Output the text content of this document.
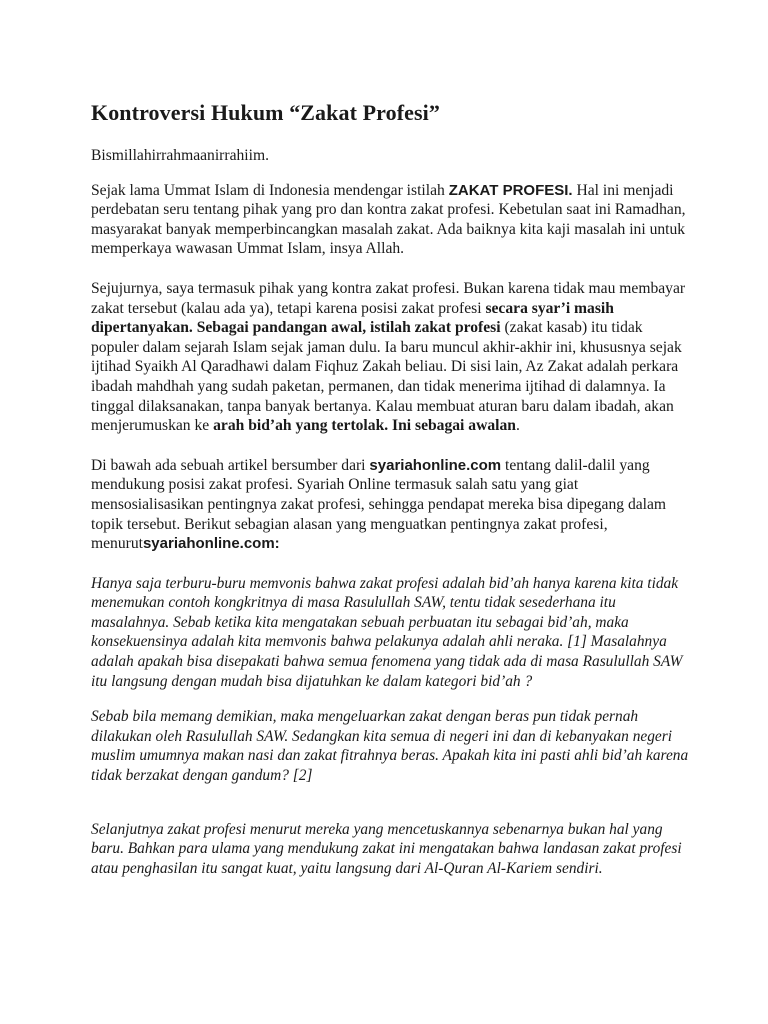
Kontroversi Hukum “Zakat Profesi”

Bismillahirrahmaanirrahiim.

Sejak lama Ummat Islam di Indonesia mendengar istilah ZAKAT PROFESI. Hal ini menjadi perdebatan seru tentang pihak yang pro dan kontra zakat profesi. Kebetulan saat ini Ramadhan, masyarakat banyak memperbincangkan masalah zakat. Ada baiknya kita kaji masalah ini untuk memperkaya wawasan Ummat Islam, insya Allah.

Sejujurnya, saya termasuk pihak yang kontra zakat profesi. Bukan karena tidak mau membayar zakat tersebut (kalau ada ya), tetapi karena posisi zakat profesi secara syar’i masih dipertanyakan. Sebagai pandangan awal, istilah zakat profesi (zakat kasab) itu tidak populer dalam sejarah Islam sejak jaman dulu. Ia baru muncul akhir-akhir ini, khususnya sejak ijtihad Syaikh Al Qaradhawi dalam Fiqhuz Zakah beliau. Di sisi lain, Az Zakat adalah perkara ibadah mahdhah yang sudah paketan, permanen, dan tidak menerima ijtihad di dalamnya. Ia tinggal dilaksanakan, tanpa banyak bertanya. Kalau membuat aturan baru dalam ibadah, akan menjerumuskan ke arah bid’ah yang tertolak. Ini sebagai awalan.

Di bawah ada sebuah artikel bersumber dari syariahonline.com tentang dalil-dalil yang mendukung posisi zakat profesi. Syariah Online termasuk salah satu yang giat mensosialisasikan pentingnya zakat profesi, sehingga pendapat mereka bisa dipegang dalam topik tersebut. Berikut sebagian alasan yang menguatkan pentingnya zakat profesi, menurutsyariahonline.com:

Hanya saja terburu-buru memvonis bahwa zakat profesi adalah bid’ah hanya karena kita tidak menemukan contoh kongkritnya di masa Rasulullah SAW, tentu tidak sesederhana itu masalahnya. Sebab ketika kita mengatakan sebuah perbuatan itu sebagai bid’ah, maka konsekuensinya adalah kita memvonis bahwa pelakunya adalah ahli neraka. [1] Masalahnya adalah apakah bisa disepakati bahwa semua fenomena yang tidak ada di masa Rasulullah SAW itu langsung dengan mudah bisa dijatuhkan ke dalam kategori bid’ah ?

Sebab bila memang demikian, maka mengeluarkan zakat dengan beras pun tidak pernah dilakukan oleh Rasulullah SAW. Sedangkan kita semua di negeri ini dan di kebanyakan negeri muslim umumnya makan nasi dan zakat fitrahnya beras. Apakah kita ini pasti ahli bid’ah karena tidak berzakat dengan gandum? [2]

Selanjutnya zakat profesi menurut mereka yang mencetuskannya sebenarnya bukan hal yang baru. Bahkan para ulama yang mendukung zakat ini mengatakan bahwa landasan zakat profesi atau penghasilan itu sangat kuat, yaitu langsung dari Al-Quran Al-Kariem sendiri.
